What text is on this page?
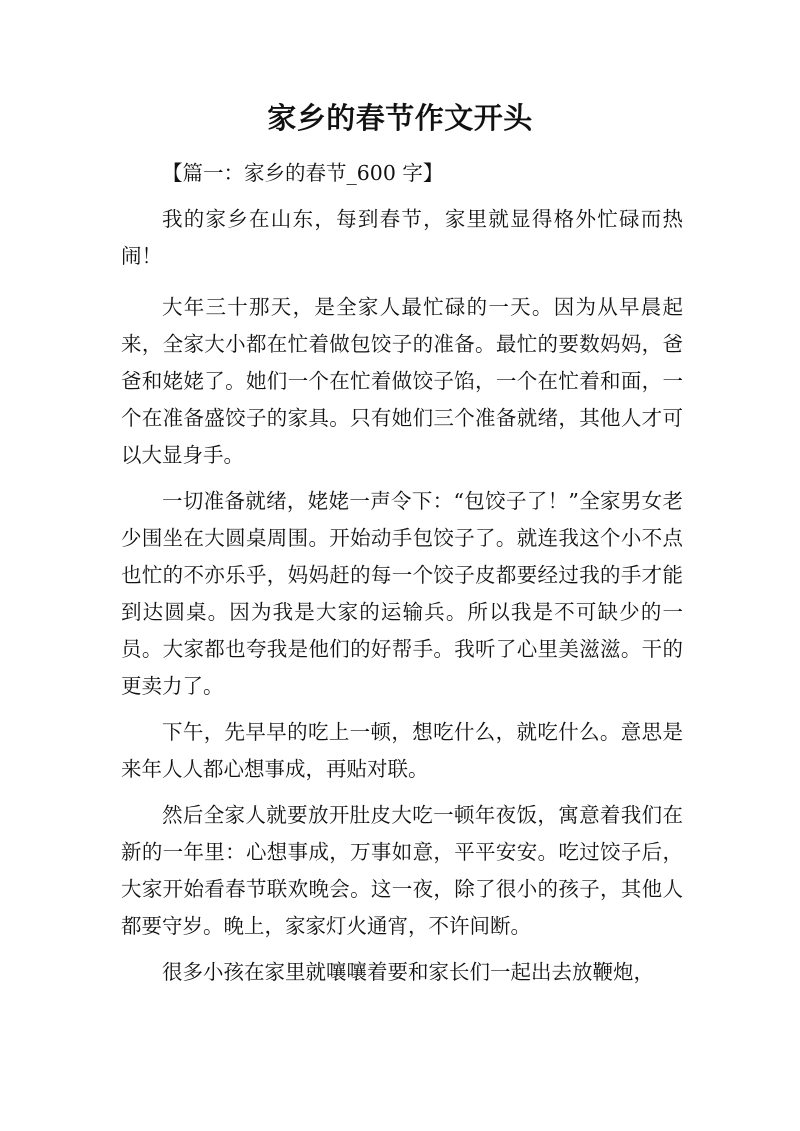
家乡的春节作文开头

【篇一：家乡的春节_600 字】

我的家乡在山东，每到春节，家里就显得格外忙碌而热闹！

大年三十那天，是全家人最忙碌的一天。因为从早晨起来，全家大小都在忙着做包饺子的准备。最忙的要数妈妈，爸爸和姥姥了。她们一个在忙着做饺子馅，一个在忙着和面，一个在准备盛饺子的家具。只有她们三个准备就绪，其他人才可以大显身手。

一切准备就绪，姥姥一声令下：“包饺子了！”全家男女老少围坐在大圆桌周围。开始动手包饺子了。就连我这个小不点也忙的不亦乐乎，妈妈赶的每一个饺子皮都要经过我的手才能到达圆桌。因为我是大家的运输兵。所以我是不可缺少的一员。大家都也夸我是他们的好帮手。我听了心里美滋滋。干的更卖力了。

下午，先早早的吃上一顿，想吃什么，就吃什么。意思是来年人人都心想事成，再贴对联。

然后全家人就要放开肚皮大吃一顿年夜饭，寓意着我们在新的一年里：心想事成，万事如意，平平安安。吃过饺子后，大家开始看春节联欢晚会。这一夜，除了很小的孩子，其他人都要守岁。晚上，家家灯火通宵，不许间断。

很多小孩在家里就嚷嚷着要和家长们一起出去放鞭炮，
